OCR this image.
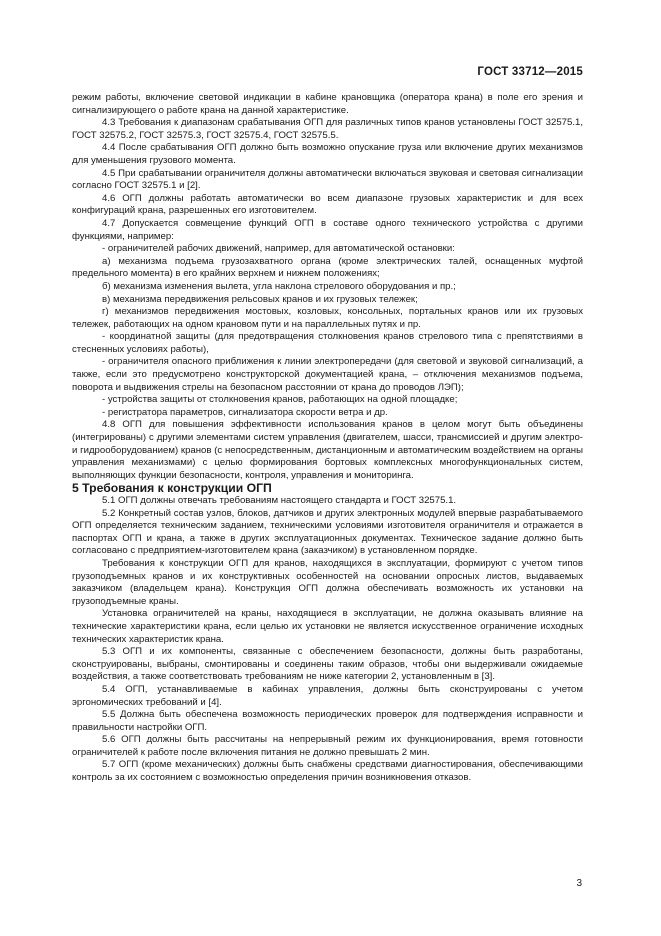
ГОСТ 33712—2015

режим работы, включение световой индикации в кабине крановщика (оператора крана) в поле его зрения и сигнализирующего о работе крана на данной характеристике.

4.3 Требования к диапазонам срабатывания ОГП для различных типов кранов установлены ГОСТ 32575.1, ГОСТ 32575.2, ГОСТ 32575.3, ГОСТ 32575.4, ГОСТ 32575.5.

4.4 После срабатывания ОГП должно быть возможно опускание груза или включение других механизмов для уменьшения грузового момента.

4.5 При срабатывании ограничителя должны автоматически включаться звуковая и световая сигнализации согласно ГОСТ 32575.1 и [2].

4.6 ОГП должны работать автоматически во всем диапазоне грузовых характеристик и для всех конфигураций крана, разрешенных его изготовителем.

4.7 Допускается совмещение функций ОГП в составе одного технического устройства с другими функциями, например:

- ограничителей рабочих движений, например, для автоматической остановки:

а) механизма подъема грузозахватного органа (кроме электрических талей, оснащенных муфтой предельного момента) в его крайних верхнем и нижнем положениях;

б) механизма изменения вылета, угла наклона стрелового оборудования и пр.;

в) механизма передвижения рельсовых кранов и их грузовых тележек;

г) механизмов передвижения мостовых, козловых, консольных, портальных кранов или их грузовых тележек, работающих на одном крановом пути и на параллельных путях и пр.

- координатной защиты (для предотвращения столкновения кранов стрелового типа с препятствиями в стесненных условиях работы),

- ограничителя опасного приближения к линии электропередачи (для световой и звуковой сигнализаций, а также, если это предусмотрено конструкторской документацией крана, – отключения механизмов подъема, поворота и выдвижения стрелы на безопасном расстоянии от крана до проводов ЛЭП);

- устройства защиты от столкновения кранов, работающих на одной площадке;

- регистратора параметров, сигнализатора скорости ветра и др.

4.8 ОГП для повышения эффективности использования кранов в целом могут быть объединены (интегрированы) с другими элементами систем управления (двигателем, шасси, трансмиссией и другим электро- и гидрооборудованием) кранов (с непосредственным, дистанционным и автоматическим воздействием на органы управления механизмами) с целью формирования бортовых комплексных многофункциональных систем, выполняющих функции безопасности, контроля, управления и мониторинга.

5 Требования к конструкции ОГП

5.1 ОГП должны отвечать требованиям настоящего стандарта и ГОСТ 32575.1.

5.2 Конкретный состав узлов, блоков, датчиков и других электронных модулей впервые разрабатываемого ОГП определяется техническим заданием, техническими условиями изготовителя ограничителя и отражается в паспортах ОГП и крана, а также в других эксплуатационных документах. Техническое задание должно быть согласовано с предприятием-изготовителем крана (заказчиком) в установленном порядке.

Требования к конструкции ОГП для кранов, находящихся в эксплуатации, формируют с учетом типов грузоподъемных кранов и их конструктивных особенностей на основании опросных листов, выдаваемых заказчиком (владельцем крана). Конструкция ОГП должна обеспечивать возможность их установки на грузоподъемные краны.

Установка ограничителей на краны, находящиеся в эксплуатации, не должна оказывать влияние на технические характеристики крана, если целью их установки не является искусственное ограничение исходных технических характеристик крана.

5.3 ОГП и их компоненты, связанные с обеспечением безопасности, должны быть разработаны, сконструированы, выбраны, смонтированы и соединены таким образов, чтобы они выдерживали ожидаемые воздействия, а также соответствовать требованиям не ниже категории 2, установленным в [3].

5.4 ОГП, устанавливаемые в кабинах управления, должны быть сконструированы с учетом эргономических требований и [4].

5.5 Должна быть обеспечена возможность периодических проверок для подтверждения исправности и правильности настройки ОГП.

5.6 ОГП должны быть рассчитаны на непрерывный режим их функционирования, время готовности ограничителей к работе после включения питания не должно превышать 2 мин.

5.7 ОГП (кроме механических) должны быть снабжены средствами диагностирования, обеспечивающими контроль за их состоянием с возможностью определения причин возникновения отказов.

3
